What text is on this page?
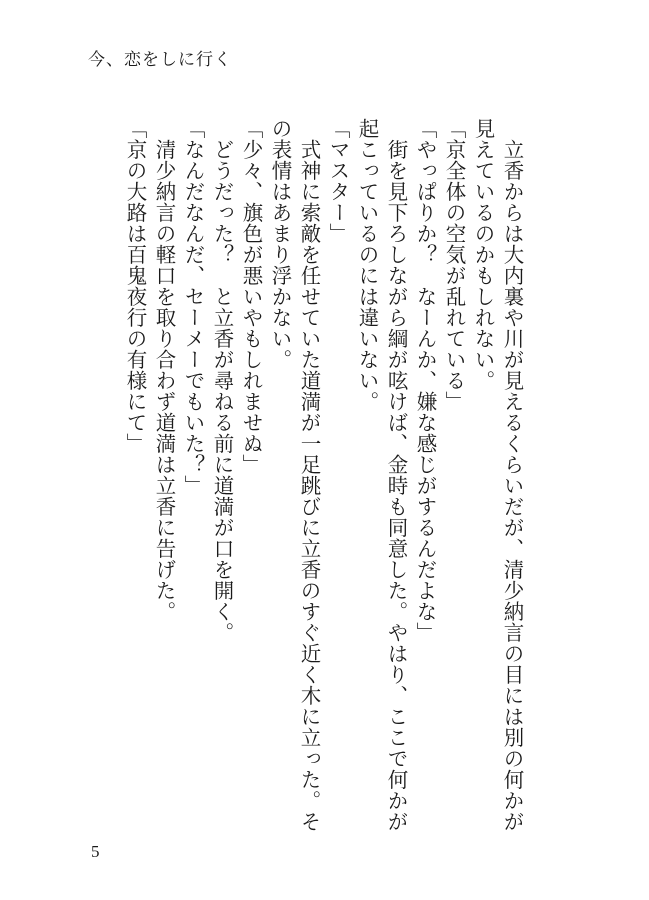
今、恋をしに行く

立香からは大内裏や川が見えるくらいだが、清少納言の目には別の何かが見えているのかもしれない。

「京全体の空気が乱れている」

「やっぱりか？　なーんか、嫌な感じがするんだよな」

街を見下ろしながら綱が呟けば、金時も同意した。やはり、ここで何かが起こっているのには違いない。

「マスター」

式神に索敵を任せていた道満が一足跳びに立香のすぐ近く木に立った。その表情はあまり浮かない。

「少々、旗色が悪いやもしれませぬ」

どうだった？　と立香が尋ねる前に道満が口を開く。

「なんだなんだ、セーメーでもいた？」

清少納言の軽口を取り合わず道満は立香に告げた。

「京の大路は百鬼夜行の有様にて」

5
